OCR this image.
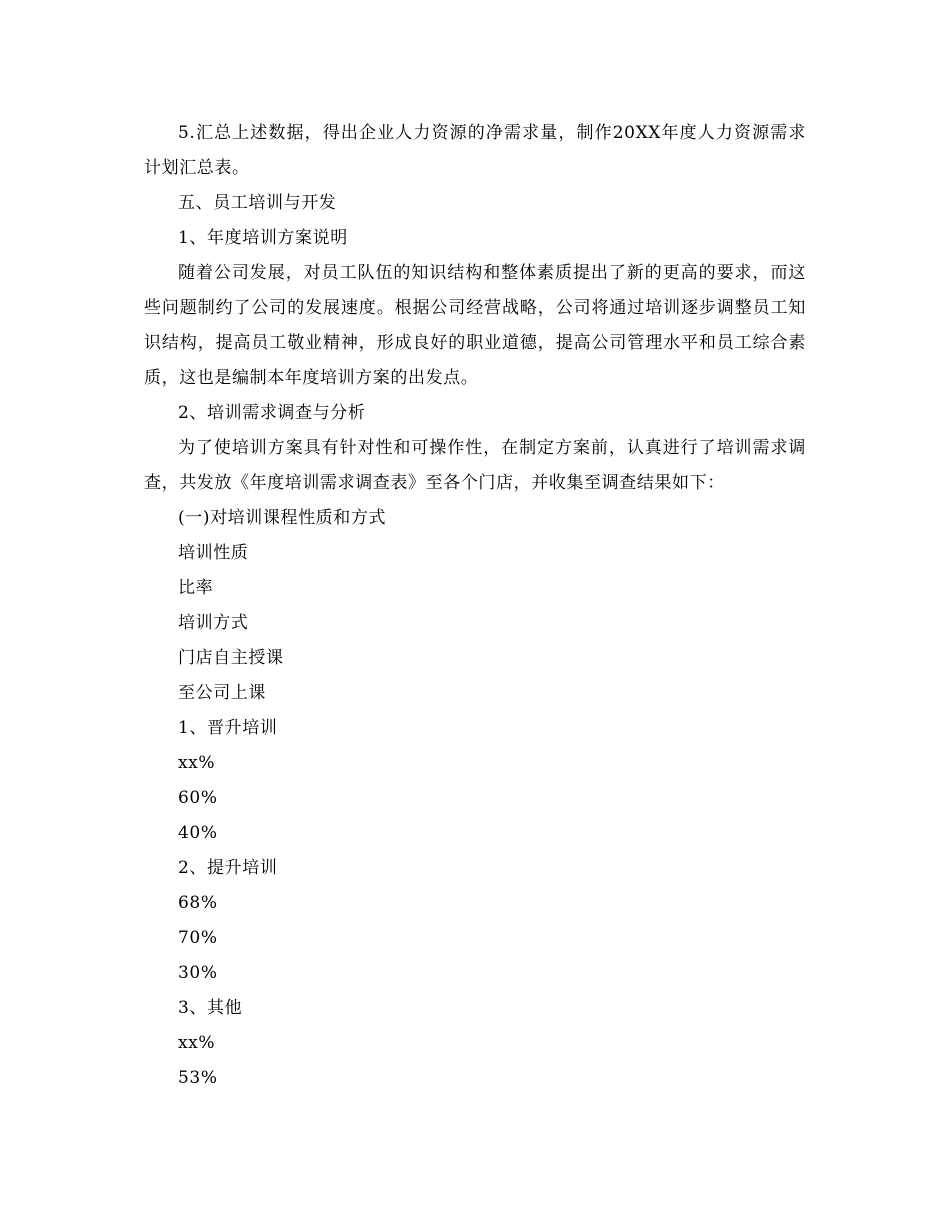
5.汇总上述数据，得出企业人力资源的净需求量，制作20XX年度人力资源需求计划汇总表。

五、员工培训与开发

1、年度培训方案说明

随着公司发展，对员工队伍的知识结构和整体素质提出了新的更高的要求，而这些问题制约了公司的发展速度。根据公司经营战略，公司将通过培训逐步调整员工知识结构，提高员工敬业精神，形成良好的职业道德，提高公司管理水平和员工综合素质，这也是编制本年度培训方案的出发点。

2、培训需求调查与分析

为了使培训方案具有针对性和可操作性，在制定方案前，认真进行了培训需求调查，共发放《年度培训需求调查表》至各个门店，并收集至调查结果如下：

(一)对培训课程性质和方式

培训性质

比率

培训方式

门店自主授课

至公司上课

1、晋升培训

xx%

60%

40%

2、提升培训

68%

70%

30%

3、其他

xx%

53%
